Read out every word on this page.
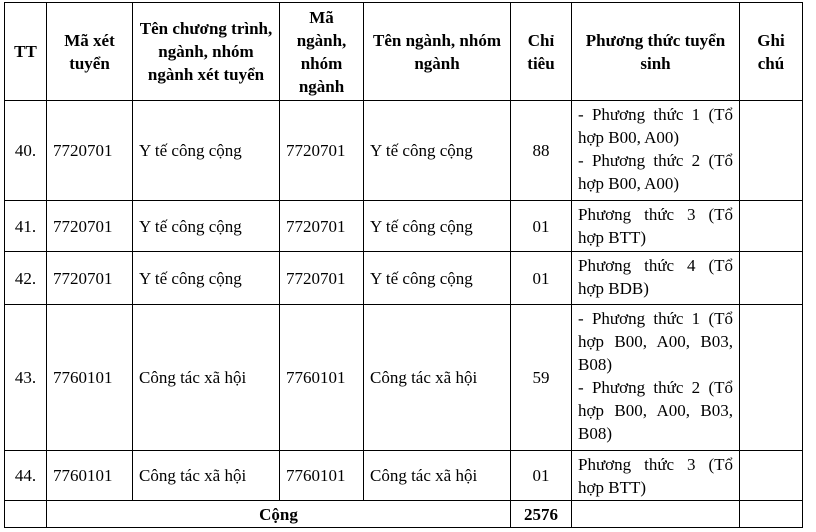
TT	Mã xét tuyển	Tên chương trình, ngành, nhóm ngành xét tuyển	Mã ngành, nhóm ngành	Tên ngành, nhóm ngành	Chỉ tiêu	Phương thức tuyển sinh	Ghi chú
40.	7720701	Y tế công cộng	7720701	Y tế công cộng	88	- Phương thức 1 (Tổ hợp B00, A00)
- Phương thức 2 (Tổ hợp B00, A00)	

41.	7720701	Y tế công cộng	7720701	Y tế công cộng	01	Phương thức 3 (Tổ hợp BTT)	

42.	7720701	Y tế công cộng	7720701	Y tế công cộng	01	Phương thức 4 (Tổ hợp BDB)	

43.	7760101	Công tác xã hội	7760101	Công tác xã hội	59	- Phương thức 1 (Tổ hợp B00, A00, B03, B08)
- Phương thức 2 (Tổ hợp B00, A00, B03, B08)	

44.	7760101	Công tác xã hội	7760101	Công tác xã hội	01	Phương thức 3 (Tổ hợp BTT)	

	Cộng				2576		
